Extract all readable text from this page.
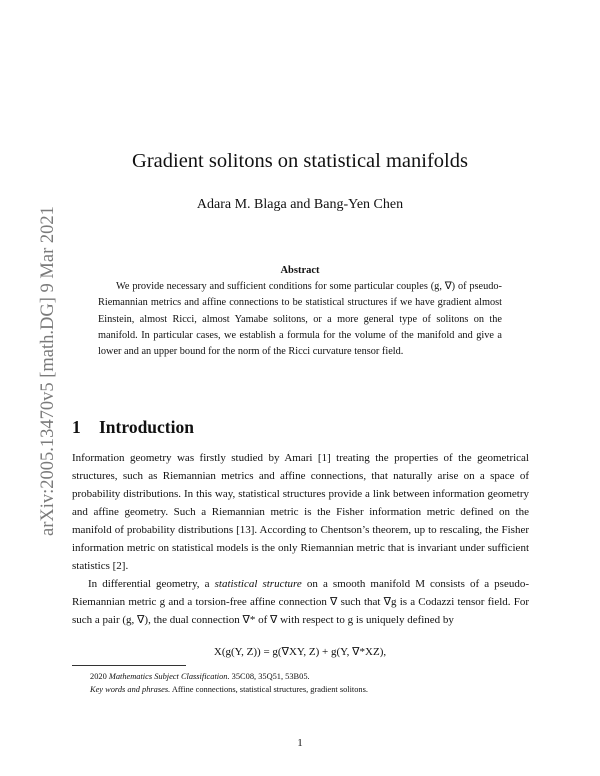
arXiv:2005.13470v5 [math.DG] 9 Mar 2021
Gradient solitons on statistical manifolds
Adara M. Blaga and Bang-Yen Chen
Abstract

We provide necessary and sufficient conditions for some particular couples (g, ∇) of pseudo-Riemannian metrics and affine connections to be statistical structures if we have gradient almost Einstein, almost Ricci, almost Yamabe solitons, or a more general type of solitons on the manifold. In particular cases, we establish a formula for the volume of the manifold and give a lower and an upper bound for the norm of the Ricci curvature tensor field.

1 Introduction

Information geometry was firstly studied by Amari [1] treating the properties of the geometrical structures, such as Riemannian metrics and affine connections, that naturally arise on a space of probability distributions. In this way, statistical structures provide a link between information geometry and affine geometry. Such a Riemannian metric is the Fisher information metric defined on the manifold of probability distributions [13]. According to Chentson’s theorem, up to rescaling, the Fisher information metric on statistical models is the only Riemannian metric that is invariant under sufficient statistics [2].

In differential geometry, a statistical structure on a smooth manifold M consists of a pseudo-Riemannian metric g and a torsion-free affine connection ∇ such that ∇g is a Codazzi tensor field. For such a pair (g, ∇), the dual connection ∇* of ∇ with respect to g is uniquely defined by

X(g(Y, Z)) = g(∇XY, Z) + g(Y, ∇*XZ),
2020 Mathematics Subject Classification. 35C08, 35Q51, 53B05.
Key words and phrases. Affine connections, statistical structures, gradient solitons.
1
